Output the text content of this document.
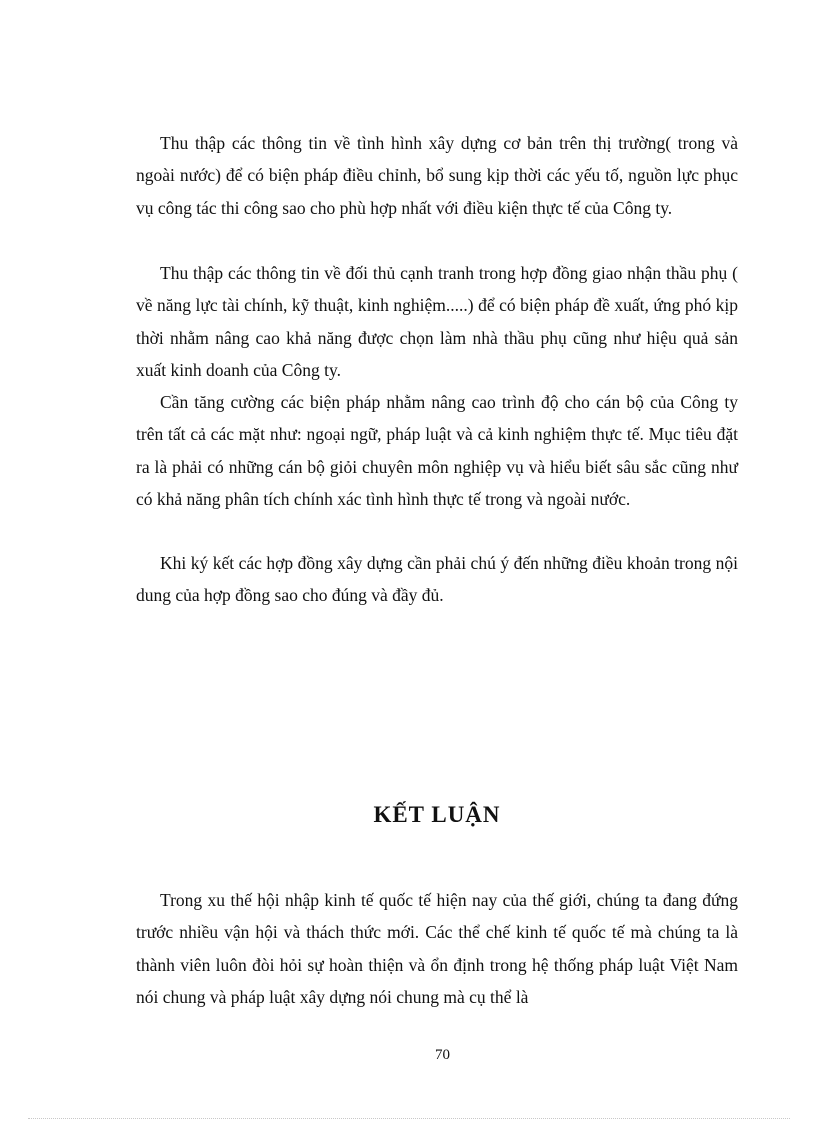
Thu thập các thông tin về tình hình xây dựng cơ bản trên thị trường( trong và ngoài nước) để có biện pháp điều chỉnh, bổ sung kịp thời các yếu tố, nguồn lực phục vụ công tác thi công sao cho phù hợp nhất với điều kiện thực tế của Công ty.

Thu thập các thông tin về đối thủ cạnh tranh trong hợp đồng giao nhận thầu phụ ( về năng lực tài chính, kỹ thuật, kinh nghiệm.....) để có biện pháp đề xuất, ứng phó kịp thời nhằm nâng cao khả năng được chọn làm nhà thầu phụ cũng như hiệu quả sản xuất kinh doanh của Công ty.

Cần tăng cường các biện pháp nhằm nâng cao trình độ cho cán bộ của Công ty trên tất cả các mặt như: ngoại ngữ, pháp luật và cả kinh nghiệm thực tế. Mục tiêu đặt ra là phải có những cán bộ giỏi chuyên môn nghiệp vụ và hiểu biết sâu sắc cũng như có khả năng phân tích chính xác tình hình thực tế trong và ngoài nước.

Khi ký kết các hợp đồng xây dựng cần phải chú ý đến những điều khoản trong nội dung của hợp đồng sao cho đúng và đầy đủ.

KẾT LUẬN

Trong xu thế hội nhập kinh tế quốc tế hiện nay của thế giới, chúng ta đang đứng trước nhiều vận hội và thách thức mới. Các thể chế kinh tế quốc tế mà chúng ta là thành viên luôn đòi hỏi sự hoàn thiện và ổn định trong hệ thống pháp luật Việt Nam nói chung và pháp luật xây dựng nói chung mà cụ thể là

70
